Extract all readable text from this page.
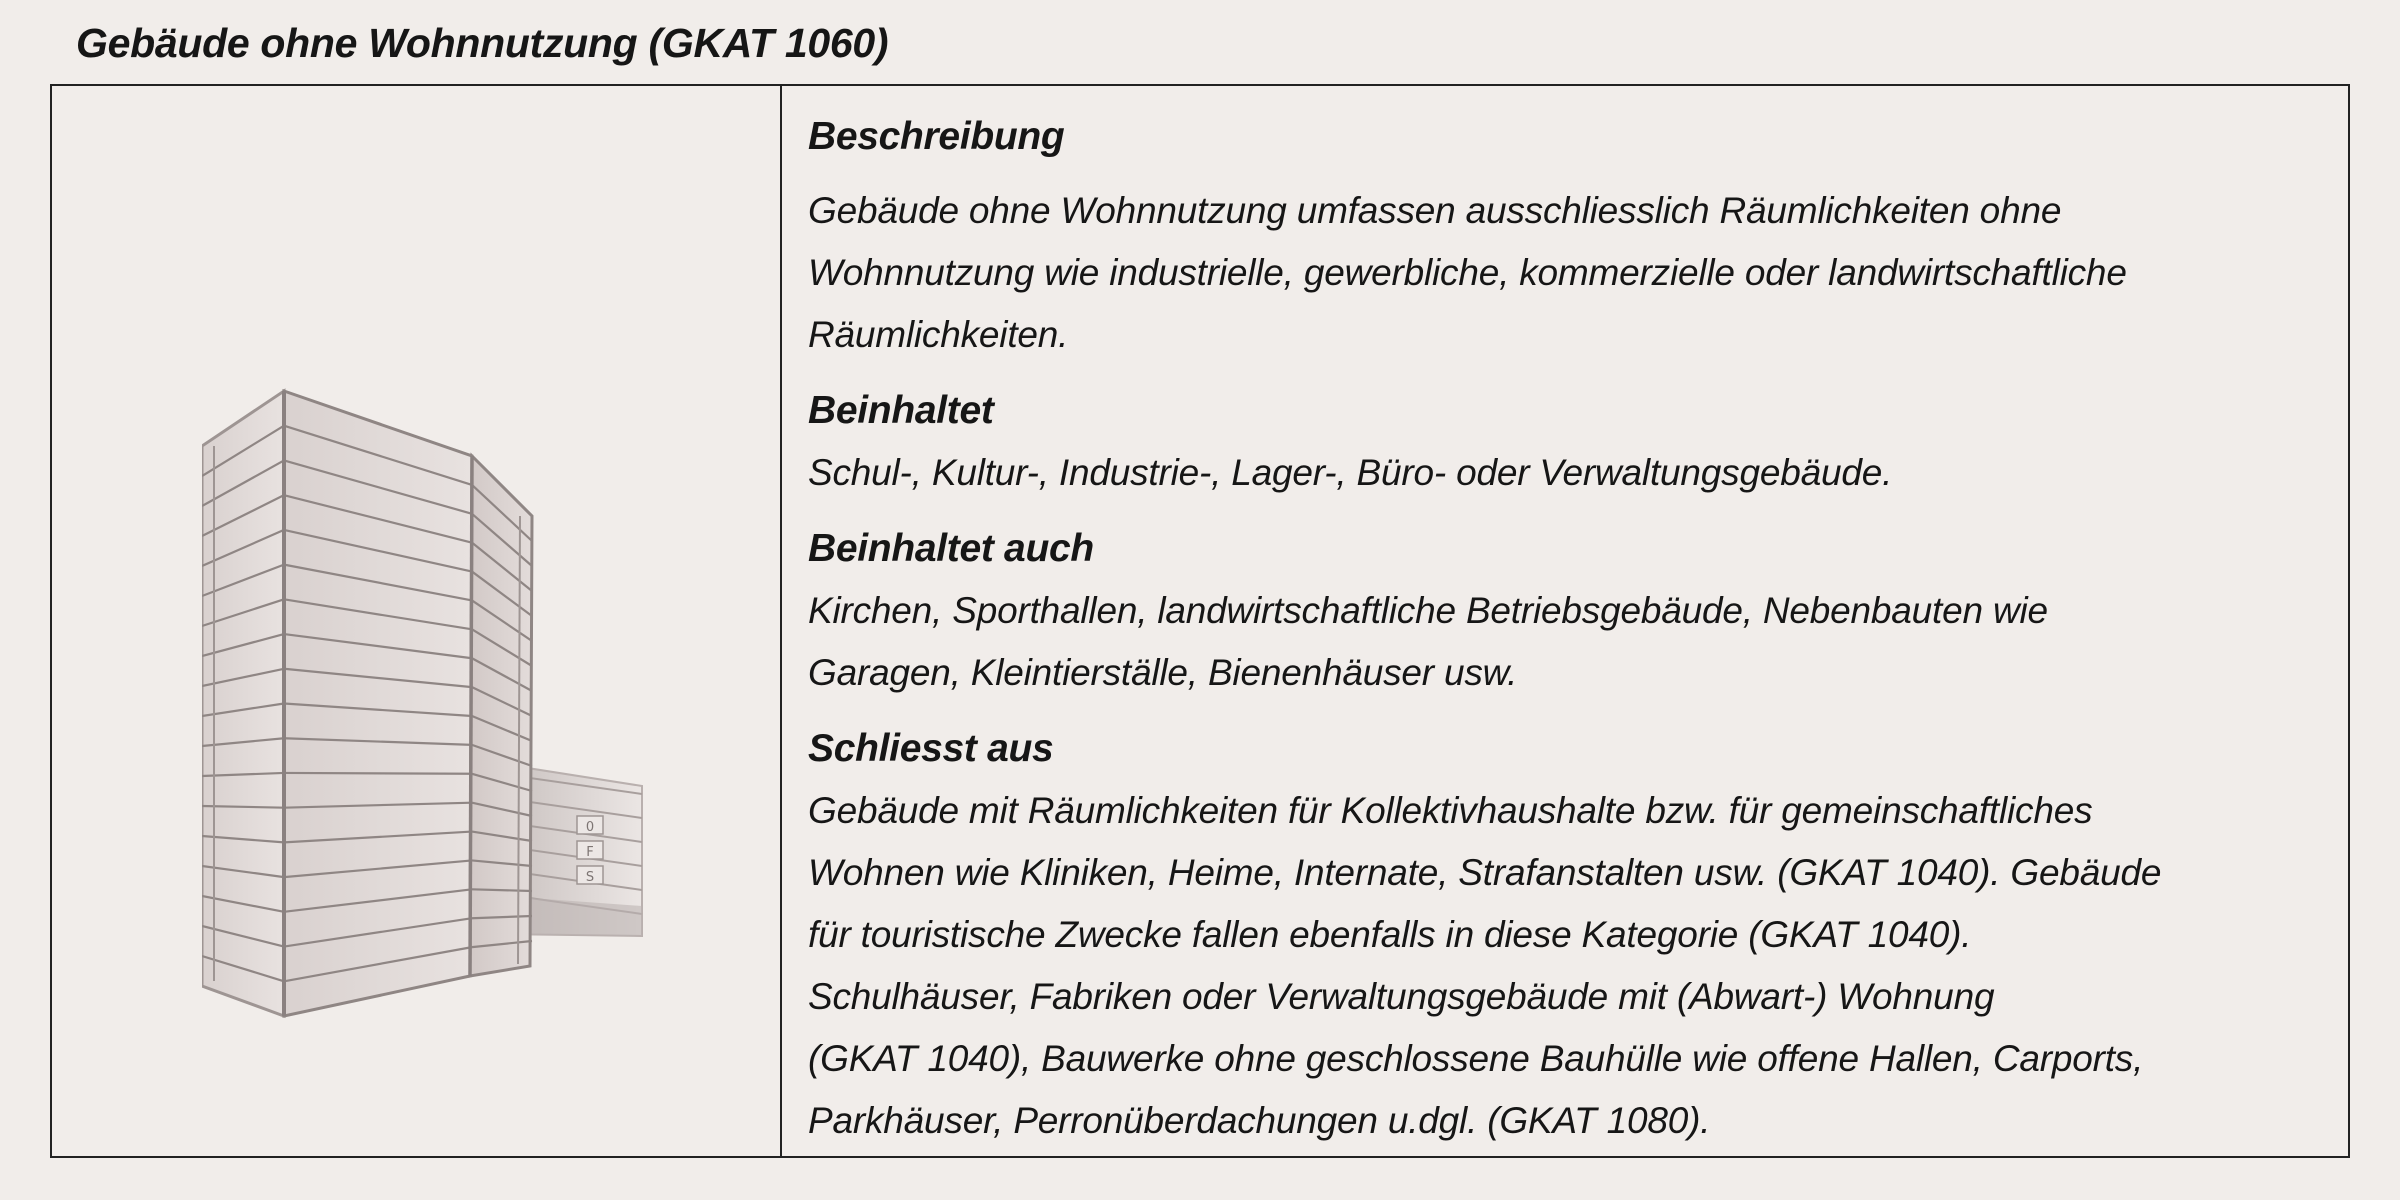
Gebäude ohne Wohnnutzung (GKAT 1060)
0
F
S
Beschreibung
Gebäude ohne Wohnnutzung umfassen ausschliesslich Räumlichkeiten ohne
Wohnnutzung wie industrielle, gewerbliche, kommerzielle oder landwirtschaftliche
Räumlichkeiten.
Beinhaltet
Schul-, Kultur-, Industrie-, Lager-, Büro- oder Verwaltungsgebäude.
Beinhaltet auch
Kirchen, Sporthallen, landwirtschaftliche Betriebsgebäude, Nebenbauten wie
Garagen, Kleintierställe, Bienenhäuser usw.
Schliesst aus
Gebäude mit Räumlichkeiten für Kollektivhaushalte bzw. für gemeinschaftliches
Wohnen wie Kliniken, Heime, Internate, Strafanstalten usw. (GKAT 1040). Gebäude
für touristische Zwecke fallen ebenfalls in diese Kategorie (GKAT 1040).
Schulhäuser, Fabriken oder Verwaltungsgebäude mit (Abwart-) Wohnung
(GKAT 1040), Bauwerke ohne geschlossene Bauhülle wie offene Hallen, Carports,
Parkhäuser, Perronüberdachungen u.dgl. (GKAT 1080).
